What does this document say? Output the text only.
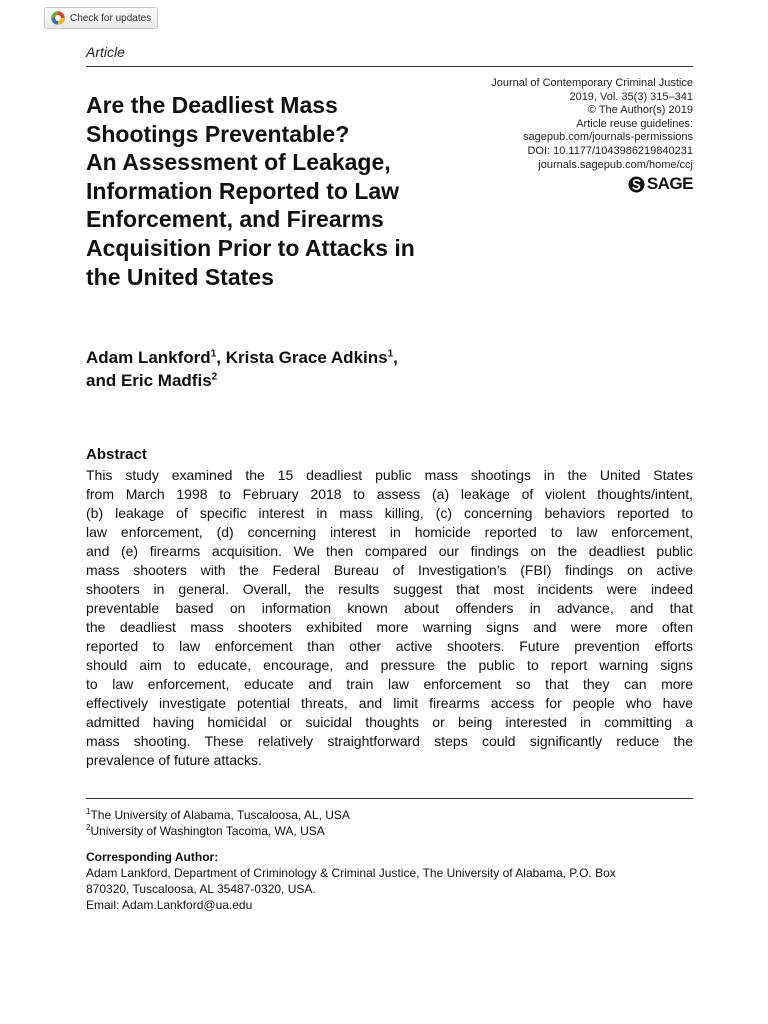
Check for updates
Article
Journal of Contemporary Criminal Justice
2019, Vol. 35(3) 315–341
© The Author(s) 2019
Article reuse guidelines:
sagepub.com/journals-permissions
DOI: 10.1177/1043986219840231
journals.sagepub.com/home/ccj
SAGE
Are the Deadliest Mass
Shootings Preventable?
An Assessment of Leakage,
Information Reported to Law
Enforcement, and Firearms
Acquisition Prior to Attacks in
the United States
Adam Lankford$^1$, Krista Grace Adkins$^1$,
and Eric Madfis$^2$
Abstract

This study examined the 15 deadliest public mass shootings in the United States
from March 1998 to February 2018 to assess (a) leakage of violent thoughts/intent,
(b) leakage of specific interest in mass killing, (c) concerning behaviors reported to
law enforcement, (d) concerning interest in homicide reported to law enforcement,
and (e) firearms acquisition. We then compared our findings on the deadliest public
mass shooters with the Federal Bureau of Investigation’s (FBI) findings on active
shooters in general. Overall, the results suggest that most incidents were indeed
preventable based on information known about offenders in advance, and that
the deadliest mass shooters exhibited more warning signs and were more often
reported to law enforcement than other active shooters. Future prevention efforts
should aim to educate, encourage, and pressure the public to report warning signs
to law enforcement, educate and train law enforcement so that they can more
effectively investigate potential threats, and limit firearms access for people who have
admitted having homicidal or suicidal thoughts or being interested in committing a
mass shooting. These relatively straightforward steps could significantly reduce the
prevalence of future attacks.

$^1$The University of Alabama, Tuscaloosa, AL, USA
$^2$University of Washington Tacoma, WA, USA
Corresponding Author:
Adam Lankford, Department of Criminology & Criminal Justice, The University of Alabama, P.O. Box
870320, Tuscaloosa, AL 35487-0320, USA.
Email: Adam.Lankford@ua.edu
